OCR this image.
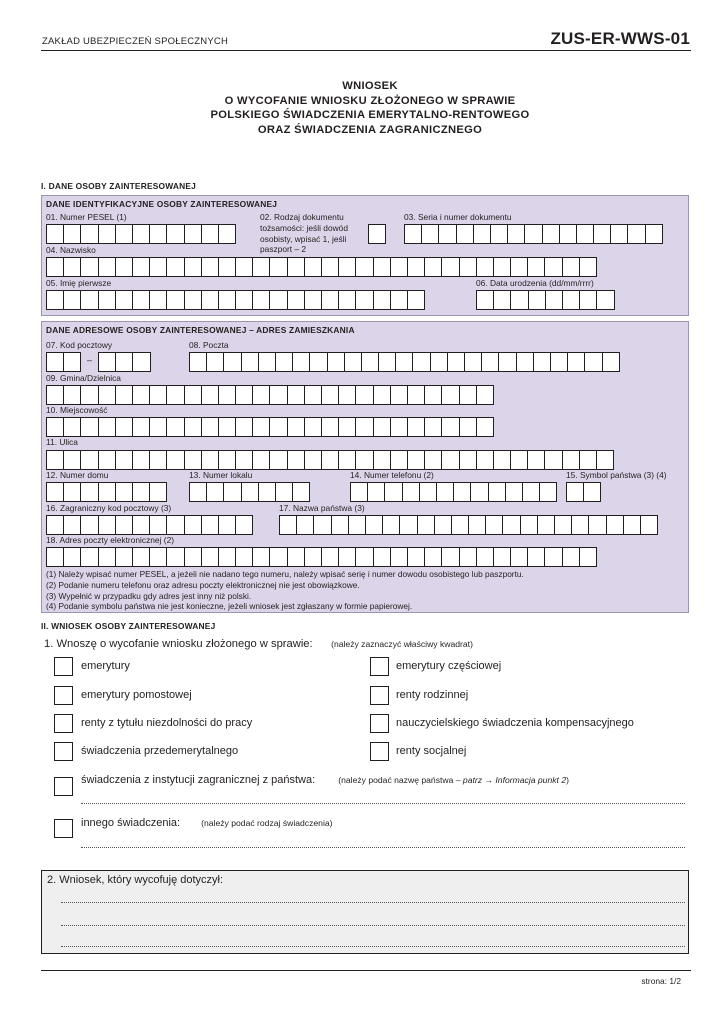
ZAKŁAD UBEZPIECZEŃ SPOŁECZNYCH	ZUS-ER-WWS-01
WNIOSEK
O WYCOFANIE WNIOSKU ZŁOŻONEGO W SPRAWIE
POLSKIEGO ŚWIADCZENIA EMERYTALNO-RENTOWEGO
ORAZ ŚWIADCZENIA ZAGRANICZNEGO
I. DANE OSOBY ZAINTERESOWANEJ
DANE IDENTYFIKACYJNE OSOBY ZAINTERESOWANEJ
01. Numer PESEL (1)	02. Rodzaj dokumentu tożsamości: jeśli dowód osobisty, wpisać 1, jeśli paszport – 2
03. Seria i numer dokumentu
04. Nazwisko
05. Imię pierwsze	06. Data urodzenia (dd/mm/rrrr)
DANE ADRESOWE OSOBY ZAINTERESOWANEJ – ADRES ZAMIESZKANIA
07. Kod pocztowy
–
08. Poczta
09. Gmina/Dzielnica
10. Miejscowość
11. Ulica
12. Numer domu	13. Numer lokalu	14. Numer telefonu (2)	15. Symbol państwa (3) (4)
16. Zagraniczny kod pocztowy (3)	17. Nazwa państwa (3)
18. Adres poczty elektronicznej (2)
(1) Należy wpisać numer PESEL, a jeżeli nie nadano tego numeru, należy wpisać serię i numer dowodu osobistego lub paszportu.
(2) Podanie numeru telefonu oraz adresu poczty elektronicznej nie jest obowiązkowe.
(3) Wypełnić w przypadku gdy adres jest inny niż polski.
(4) Podanie symbolu państwa nie jest konieczne, jeżeli wniosek jest zgłaszany w formie papierowej.
II. WNIOSEK OSOBY ZAINTERESOWANEJ
1. Wnoszę o wycofanie wniosku złożonego w sprawie: (należy zaznaczyć właściwy kwadrat)
emerytury
emerytury pomostowej
renty z tytułu niezdolności do pracy
świadczenia przedemerytalnego
emerytury częściowej
renty rodzinnej
nauczycielskiego świadczenia kompensacyjnego
renty socjalnej
świadczenia z instytucji zagranicznej z państwa:	(należy podać nazwę państwa – patrz → Informacja punkt 2)
innego świadczenia: (należy podać rodzaj świadczenia)
2. Wniosek, który wycofuję dotyczył:
strona: 1/2
